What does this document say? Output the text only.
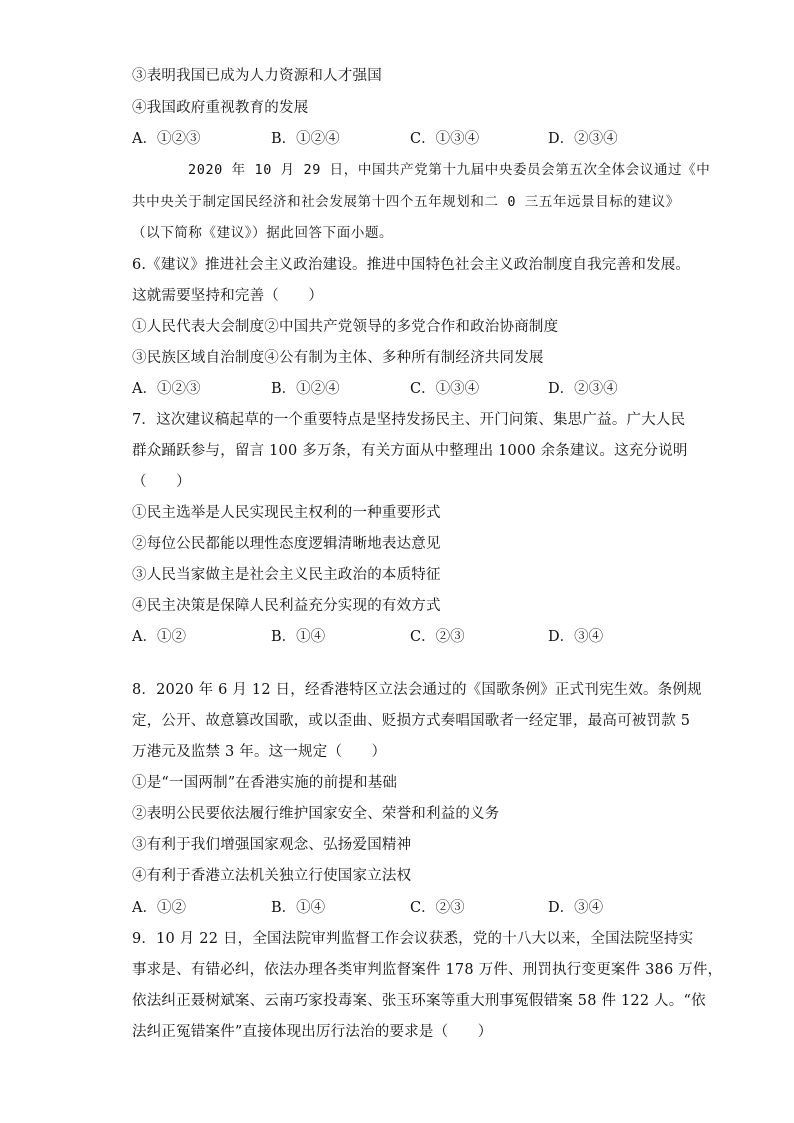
③表明我国已成为人力资源和人才强国
④我国政府重视教育的发展
A．①②③	B．①②④	C．①③④	D．②③④
2020 年 10 月 29 日，中国共产党第十九届中央委员会第五次全体会议通过《中
共中央关于制定国民经济和社会发展第十四个五年规划和二 0 三五年远景目标的建议》
（以下简称《建议》）据此回答下面小题。
6.《建议》推进社会主义政治建设。推进中国特色社会主义政治制度自我完善和发展。
这就需要坚持和完善（　　）
①人民代表大会制度②中国共产党领导的多党合作和政治协商制度
③民族区域自治制度④公有制为主体、多种所有制经济共同发展
A．①②③	B．①②④	C．①③④	D．②③④
7．这次建议稿起草的一个重要特点是坚持发扬民主、开门问策、集思广益。广大人民
群众踊跃参与，留言 100 多万条，有关方面从中整理出 1000 余条建议。这充分说明
（　　）
①民主选举是人民实现民主权利的一种重要形式
②每位公民都能以理性态度逻辑清晰地表达意见
③人民当家做主是社会主义民主政治的本质特征
④民主决策是保障人民利益充分实现的有效方式
A．①②	B．①④	C．②③	D．③④
8．2020 年 6 月 12 日，经香港特区立法会通过的《国歌条例》正式刊宪生效。条例规
定，公开、故意篡改国歌，或以歪曲、贬损方式奏唱国歌者一经定罪，最高可被罚款 5
万港元及监禁 3 年。这一规定（　　）
①是“一国两制”在香港实施的前提和基础
②表明公民要依法履行维护国家安全、荣誉和利益的义务
③有利于我们增强国家观念、弘扬爱国精神
④有利于香港立法机关独立行使国家立法权
A．①②	B．①④	C．②③	D．③④
9．10 月 22 日，全国法院审判监督工作会议获悉，党的十八大以来，全国法院坚持实
事求是、有错必纠，依法办理各类审判监督案件 178 万件、刑罚执行变更案件 386 万件，
依法纠正聂树斌案、云南巧家投毒案、张玉环案等重大刑事冤假错案 58 件 122 人。“依
法纠正冤错案件”直接体现出厉行法治的要求是（　　）
